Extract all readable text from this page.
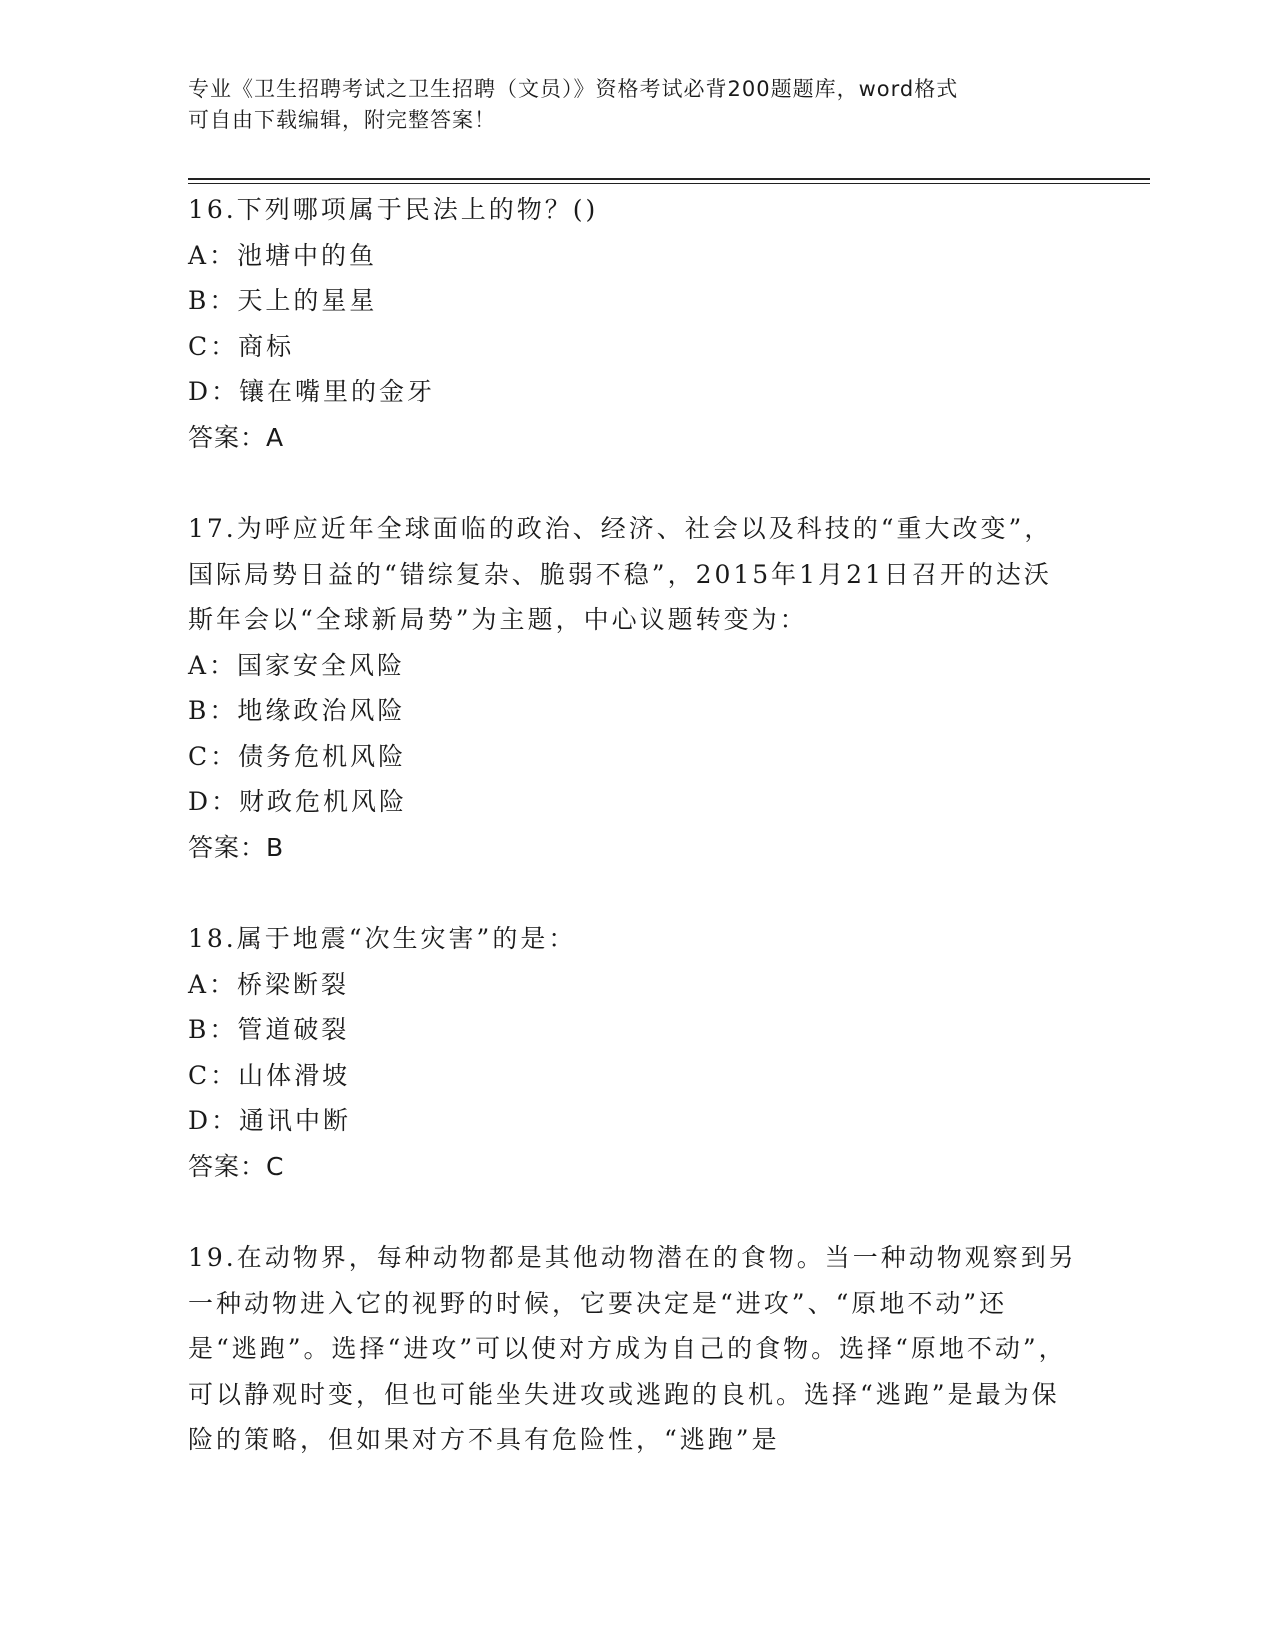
专业《卫生招聘考试之卫生招聘（文员）》资格考试必背200题题库，word格式
可自由下载编辑，附完整答案！
16.下列哪项属于民法上的物？()
A：池塘中的鱼
B：天上的星星
C：商标
D：镶在嘴里的金牙
答案：A
17.为呼应近年全球面临的政治、经济、社会以及科技的“重大改变”，国际局势日益的“错综复杂、脆弱不稳”，2015年1月21日召开的达沃斯年会以“全球新局势”为主题，中心议题转变为：
A：国家安全风险
B：地缘政治风险
C：债务危机风险
D：财政危机风险
答案：B
18.属于地震“次生灾害”的是：
A：桥梁断裂
B：管道破裂
C：山体滑坡
D：通讯中断
答案：C
19.在动物界，每种动物都是其他动物潜在的食物。当一种动物观察到另一种动物进入它的视野的时候，它要决定是“进攻”、“原地不动”还是“逃跑”。选择“进攻”可以使对方成为自己的食物。选择“原地不动”，可以静观时变，但也可能坐失进攻或逃跑的良机。选择“逃跑”是最为保险的策略，但如果对方不具有危险性，“逃跑”是
